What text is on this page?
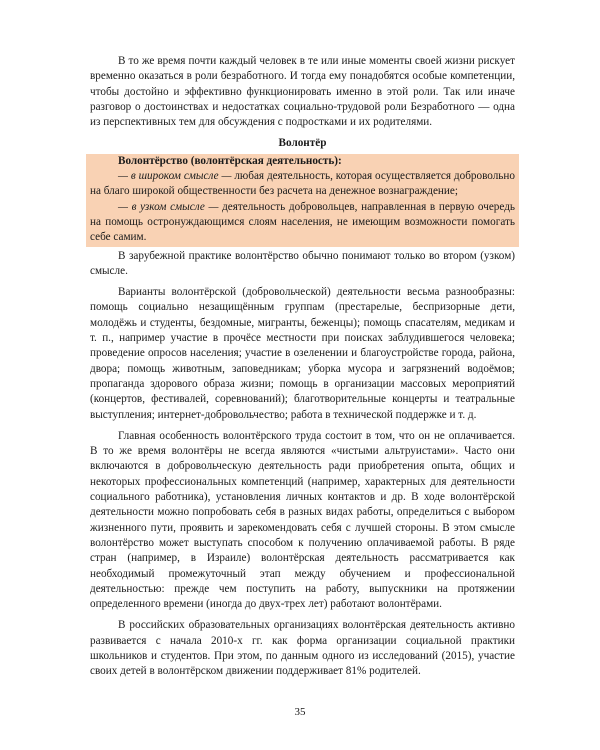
В то же время почти каждый человек в те или иные моменты своей жизни рискует временно оказаться в роли безработного. И тогда ему понадобятся особые компетенции, чтобы достойно и эффективно функционировать именно в этой роли. Так или иначе разговор о достоинствах и недостатках социально-трудовой роли Безработного — одна из перспективных тем для обсуждения с подростками и их родителями.

Волонтёр

Волонтёрство (волонтёрская деятельность):

— в широком смысле — любая деятельность, которая осуществляется добровольно на благо широкой общественности без расчета на денежное вознаграждение;

— в узком смысле — деятельность добровольцев, направленная в первую очередь на помощь остронуждающимся слоям населения, не имеющим возможности помогать себе самим.

В зарубежной практике волонтёрство обычно понимают только во втором (узком) смысле.

Варианты волонтёрской (добровольческой) деятельности весьма разнообразны: помощь социально незащищённым группам (престарелые, беспризорные дети, молодёжь и студенты, бездомные, мигранты, беженцы); помощь спасателям, медикам и т. п., например участие в прочёсе местности при поисках заблудившегося человека; проведение опросов населения; участие в озеленении и благоустройстве города, района, двора; помощь животным, заповедникам; уборка мусора и загрязнений водоёмов; пропаганда здорового образа жизни; помощь в организации массовых мероприятий (концертов, фестивалей, соревнований); благотворительные концерты и театральные выступления; интернет-добровольчество; работа в технической поддержке и т. д.

Главная особенность волонтёрского труда состоит в том, что он не оплачивается. В то же время волонтёры не всегда являются «чистыми альтруистами». Часто они включаются в добровольческую деятельность ради приобретения опыта, общих и некоторых профессиональных компетенций (например, характерных для деятельности социального работника), установления личных контактов и др. В ходе волонтёрской деятельности можно попробовать себя в разных видах работы, определиться с выбором жизненного пути, проявить и зарекомендовать себя с лучшей стороны. В этом смысле волонтёрство может выступать способом к получению оплачиваемой работы. В ряде стран (например, в Израиле) волонтёрская деятельность рассматривается как необходимый промежуточный этап между обучением и профессиональной деятельностью: прежде чем поступить на работу, выпускники на протяжении определенного времени (иногда до двух-трех лет) работают волонтёрами.

В российских образовательных организациях волонтёрская деятельность активно развивается с начала 2010-х гг. как форма организации социальной практики школьников и студентов. При этом, по данным одного из исследований (2015), участие своих детей в волонтёрском движении поддерживает 81% родителей.

35
